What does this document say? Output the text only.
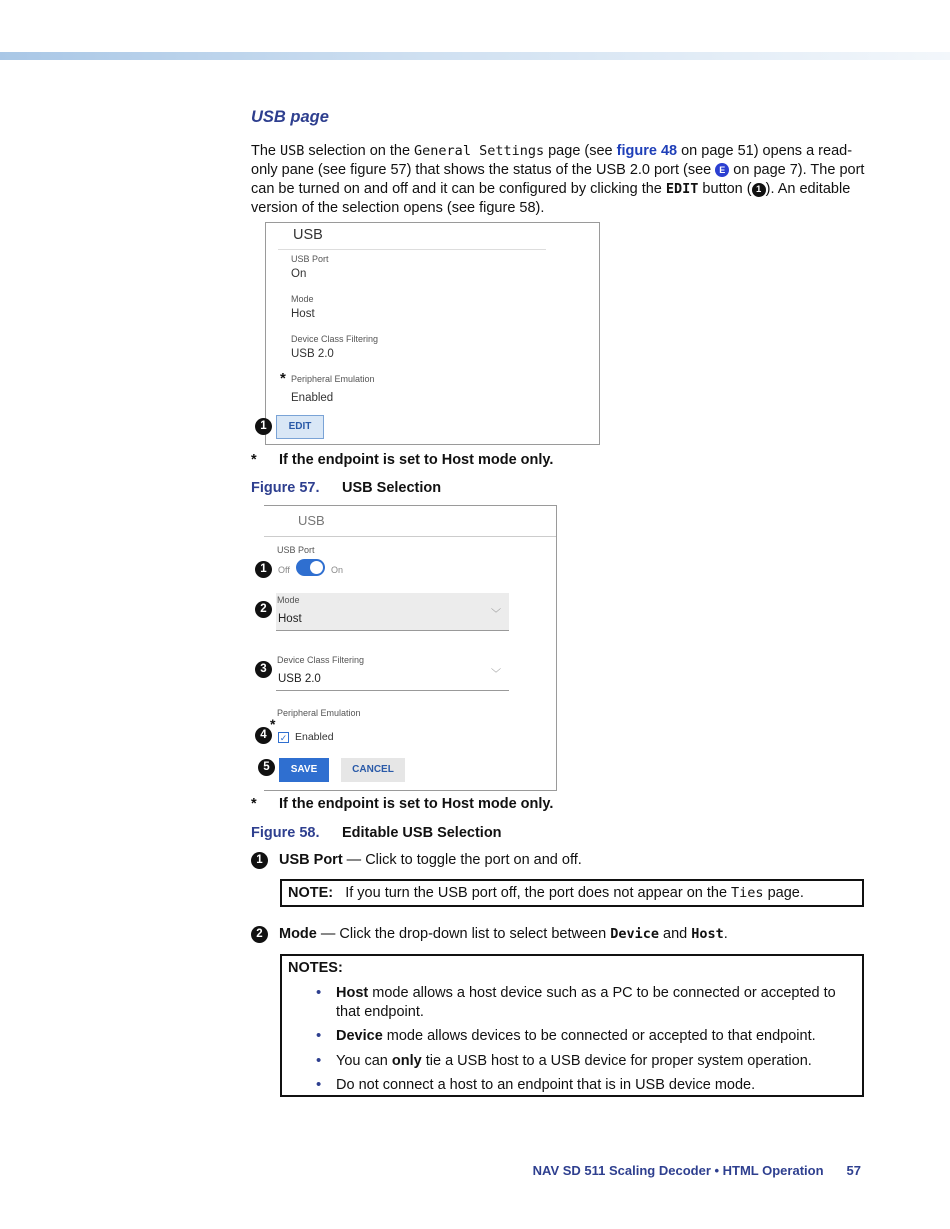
USB page
The USB selection on the General Settings page (see figure 48 on page 51) opens a read-only pane (see figure 57) that shows the status of the USB 2.0 port (see E on page 7). The port can be turned on and off and it can be configured by clicking the EDIT button ( 1 ). An editable version of the selection opens (see figure 58).
USB
USB Port
On
Mode
Host
Device Class Filtering
USB 2.0
* Peripheral Emulation
Enabled
EDIT
1
* If the endpoint is set to Host mode only.
Figure 57. USB Selection
USB
USB Port
Off	On
Mode
Host	﹀
Device Class Filtering
USB 2.0	﹀
Peripheral Emulation
*
✓ Enabled
SAVE	CANCEL
1
2
3
4
5
* If the endpoint is set to Host mode only.
Figure 58. Editable USB Selection
1	USB Port — Click to toggle the port on and off.
NOTE: If you turn the USB port off, the port does not appear on the Ties page.
2	Mode — Click the drop-down list to select between Device and Host.
NOTES:
• Host mode allows a host device such as a PC to be connected or accepted to that endpoint.
• Device mode allows devices to be connected or accepted to that endpoint.
• You can only tie a USB host to a USB device for proper system operation.
• Do not connect a host to an endpoint that is in USB device mode.
NAV SD 511 Scaling Decoder • HTML Operation 57
